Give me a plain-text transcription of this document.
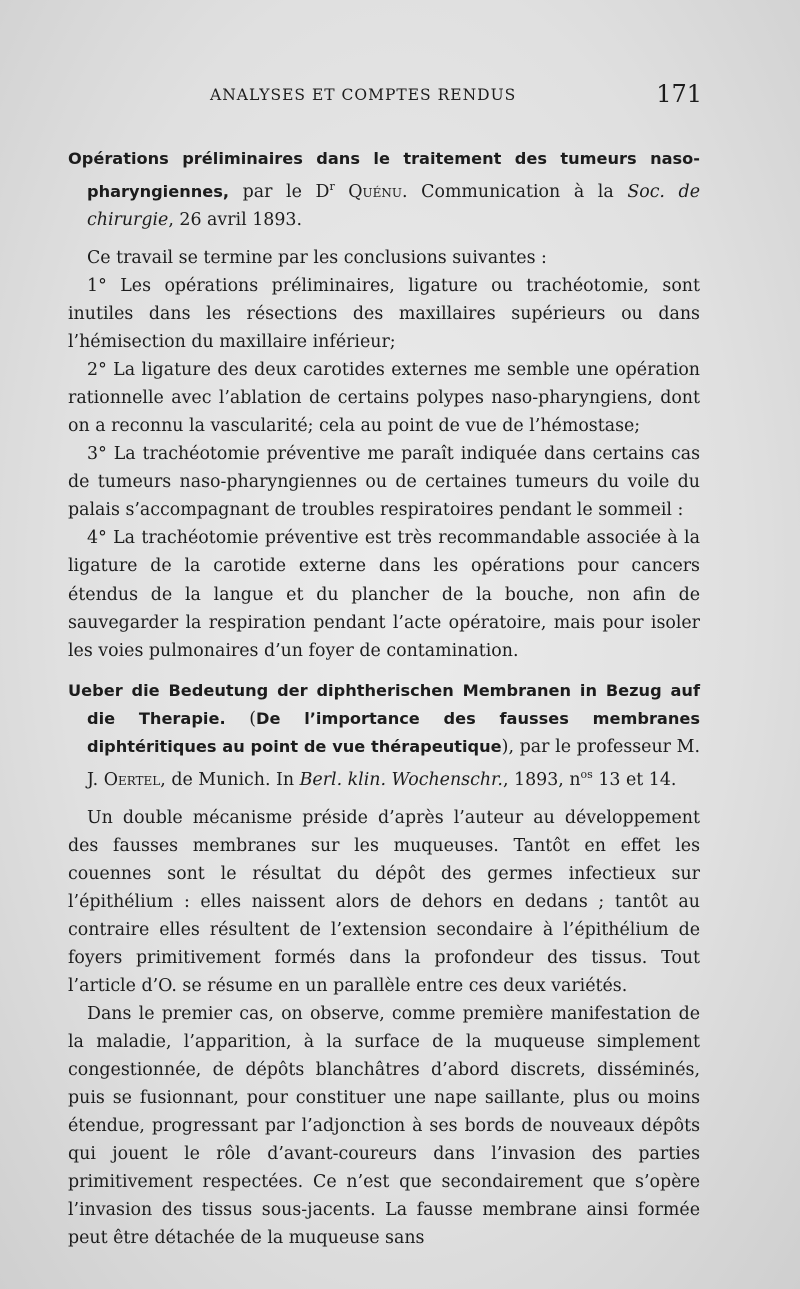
ANALYSES ET COMPTES RENDUS	171

Opérations préliminaires dans le traitement des tumeurs naso-pharyngiennes, par le $D^r$ Quénu. Communication à la Soc. de chirurgie, 26 avril 1893.

Ce travail se termine par les conclusions suivantes :

1° Les opérations préliminaires, ligature ou trachéotomie, sont inutiles dans les résections des maxillaires supérieurs ou dans l’hémisection du maxillaire inférieur;

2° La ligature des deux carotides externes me semble une opération rationnelle avec l’ablation de certains polypes naso-pharyngiens, dont on a reconnu la vascularité; cela au point de vue de l’hémostase;

3° La trachéotomie préventive me paraît indiquée dans certains cas de tumeurs naso-pharyngiennes ou de certaines tumeurs du voile du palais s’accompagnant de troubles respiratoires pendant le sommeil :

4° La trachéotomie préventive est très recommandable associée à la ligature de la carotide externe dans les opérations pour cancers étendus de la langue et du plancher de la bouche, non afin de sauvegarder la respiration pendant l’acte opératoire, mais pour isoler les voies pulmonaires d’un foyer de contamination.

Ueber die Bedeutung der diphtherischen Membranen in Bezug auf die Therapie. (De l’importance des fausses membranes diphtéritiques au point de vue thérapeutique), par le professeur M. J. Oertel, de Munich. In Berl. klin. Wochenschr., 1893, $n^{os}$ 13 et 14.

Un double mécanisme préside d’après l’auteur au développement des fausses membranes sur les muqueuses. Tantôt en effet les couennes sont le résultat du dépôt des germes infectieux sur l’épithélium : elles naissent alors de dehors en dedans ; tantôt au contraire elles résultent de l’extension secondaire à l’épithélium de foyers primitivement formés dans la profondeur des tissus. Tout l’article d’O. se résume en un parallèle entre ces deux variétés.

Dans le premier cas, on observe, comme première manifestation de la maladie, l’apparition, à la surface de la muqueuse simplement congestionnée, de dépôts blanchâtres d’abord discrets, disséminés, puis se fusionnant, pour constituer une nape saillante, plus ou moins étendue, progressant par l’adjonction à ses bords de nouveaux dépôts qui jouent le rôle d’avant-coureurs dans l’invasion des parties primitivement respectées. Ce n’est que secondairement que s’opère l’invasion des tissus sous-jacents. La fausse membrane ainsi formée peut être détachée de la muqueuse sans
